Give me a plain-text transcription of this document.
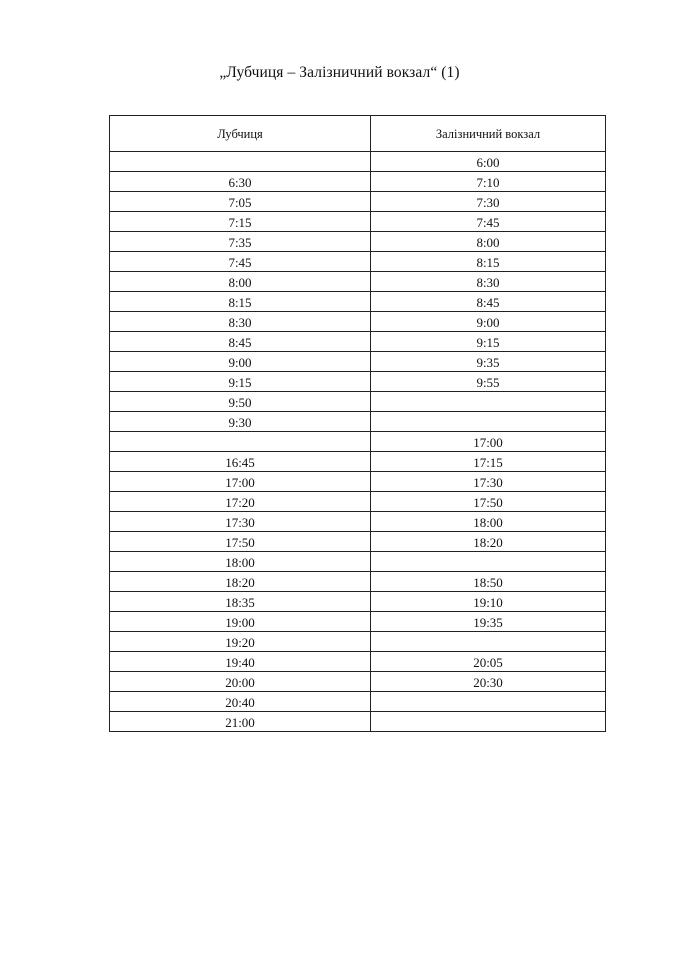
„Лубчиця – Залізничний вокзал“ (1)
Лубчиця	Залізничний вокзал
	6:00
6:30	7:10
7:05	7:30
7:15	7:45
7:35	8:00
7:45	8:15
8:00	8:30
8:15	8:45
8:30	9:00
8:45	9:15
9:00	9:35
9:15	9:55
9:50	
9:30	
	17:00
16:45	17:15
17:00	17:30
17:20	17:50
17:30	18:00
17:50	18:20
18:00	
18:20	18:50
18:35	19:10
19:00	19:35
19:20	
19:40	20:05
20:00	20:30
20:40	
21:00	
